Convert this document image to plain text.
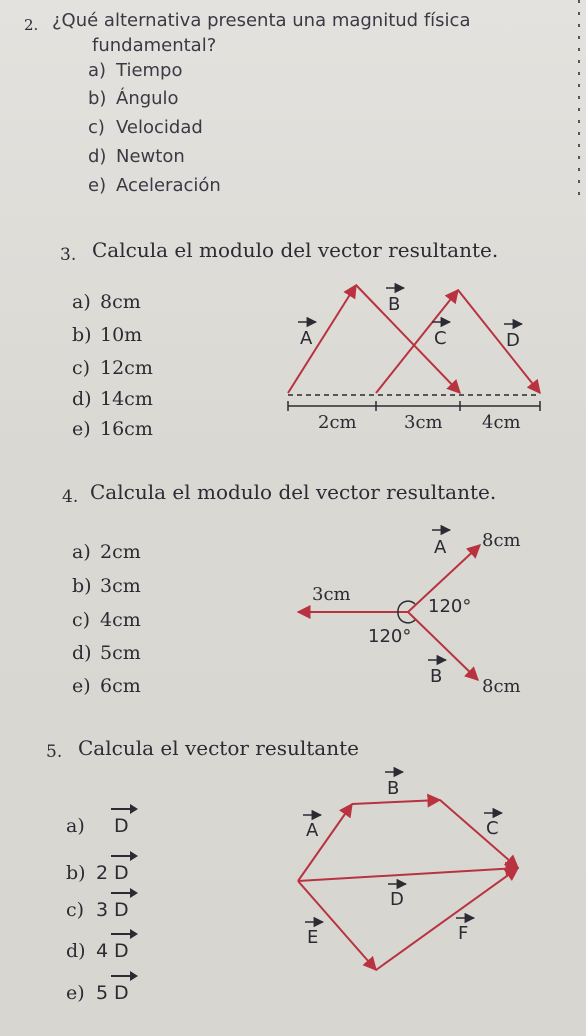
2. ¿Qué alternativa presenta una magnitud física
fundamental?
a) Tiempo
b) Ángulo
c) Velocidad
d) Newton
e) Aceleración
3. Calcula el modulo del vector resultante.
a) 8cm
b) 10m
c) 12cm
d) 14cm
e) 16cm
A
B
C	D
2cm	3cm 4cm
4. Calcula el modulo del vector resultante.
a) 2cm
b) 3cm
c) 4cm
d) 5cm
e) 6cm
A 8cm
3cm
120°
120°
B 8cm
5. Calcula el vector resultante
a) D
b) 2 D
c) 3 D
d) 4 D
e) 5 D
A
B
C
D
E	F
